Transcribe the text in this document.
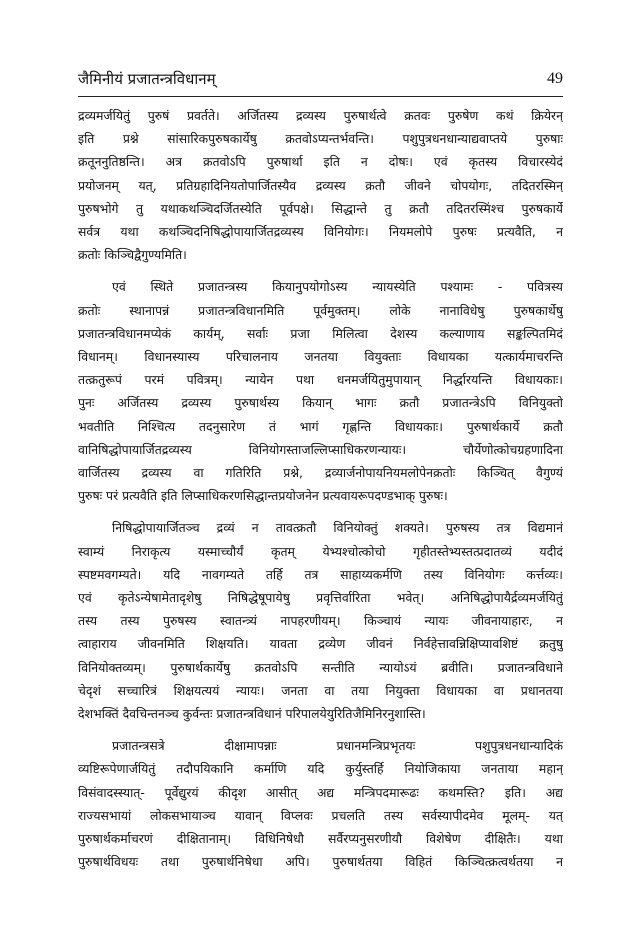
जैमिनीयं प्रजातन्त्रविधानम्	49

द्रव्यमर्जयितुं पुरुषं प्रवर्तते। अर्जितस्य द्रव्यस्य पुरुषार्थत्वे क्रतवः पुरुषेण कथं क्रियेरन्
इति प्रश्ने सांसारिकपुरुषकार्येषु क्रतवोऽप्यन्तर्भवन्ति। पशुपुत्रधनधान्याद्यवाप्तये पुरुषाः
क्रतूननुतिष्ठन्ति। अत्र क्रतवोऽपि पुरुषार्था इति न दोषः। एवं कृतस्य विचारस्येदं
प्रयोजनम् यत्, प्रतिग्रहादिनियतोपार्जितस्यैव द्रव्यस्य क्रतौ जीवने चोपयोगः, तदितरस्मिन्
पुरुषभोगे तु यथाकथञ्चिदर्जितस्येति पूर्वपक्षे। सिद्धान्ते तु क्रतौ तदितरस्मिंश्च पुरुषकार्ये
सर्वत्र यथा कथञ्चिदनिषिद्धोपायार्जितद्रव्यस्य विनियोगः। नियमलोपे पुरुषः प्रत्यवैति, न
क्रतोः किञ्चिद्वैगुण्यमिति।

एवं स्थिते प्रजातन्त्रस्य कियानुपयोगोऽस्य न्यायस्येति पश्यामः - पवित्रस्य
क्रतोः स्थानापन्नं प्रजातन्त्रविधानमिति पूर्वमुक्तम्। लोके नानाविधेषु पुरुषकार्थेषु
प्रजातन्त्रविधानमप्येकं कार्यम्, सर्वाः प्रजा मिलित्वा देशस्य कल्याणाय सङ्कल्पितमिदं
विधानम्। विधानस्यास्य परिचालनाय जनतया वियुक्ताः विधायका यत्कार्यमाचरन्ति
तत्क्रतुरूपं परमं पवित्रम्। न्यायेन पथा धनमर्जयितुमुपायान् निर्द्धारयन्ति विधायकाः।
पुनः अर्जितस्य द्रव्यस्य पुरुषार्थस्य कियान् भागः क्रतौ प्रजातन्त्रेऽपि विनियुक्तो
भवतीति निश्चित्य तदनुसारेण तं भागं गृह्णन्ति विधायकाः। पुरुषार्थकार्ये क्रतौ
वानिषिद्धोपायार्जितद्रव्यस्य विनियोगस्ताजल्लिप्साधिकरणन्यायः। चौर्येणोत्कोचग्रहणादिना
वार्जितस्य द्रव्यस्य वा गतिरिति प्रश्ने, द्रव्यार्जनोपायनियमलोपेनक्रतोः किञ्चित् वैगुण्यं
पुरुषः परं प्रत्यवैति इति लिप्साधिकरणसिद्धान्तप्रयोजनेन प्रत्यवायरूपदण्डभाक् पुरुषः।

निषिद्धोपायार्जितञ्च द्रव्यं न तावत्क्रतौ विनियोक्तुं शक्यते। पुरुषस्य तत्र विद्यमानं
स्वाम्यं निराकृत्य यस्माच्चौर्यं कृतम् येभ्यश्चोत्कोचो गृहीतस्तेभ्यस्तत्प्रदातव्यं यदीदं
स्पष्टमवगम्यते। यदि नावगम्यते तर्हि तत्र साहाय्यकर्मणि तस्य विनियोगः कर्त्तव्यः।
एवं कृतेऽन्येषामेतादृशेषु निषिद्धेषूपायेषु प्रवृत्तिर्वारिता भवेत्। अनिषिद्धोपायैर्द्रव्यमर्जयितुं
तस्य तस्य पुरुषस्य स्वातन्त्र्यं नापहरणीयम्। किञ्चायं न्यायः जीवनायाहारः, न
त्वाहाराय जीवनमिति शिक्षयति। यावता द्रव्येण जीवनं निर्वहेत्तावन्निक्षिप्यावशिष्टं क्रतुषु
विनियोक्तव्यम्। पुरुषार्थकार्येषु क्रतवोऽपि सन्तीति न्यायोऽयं ब्रवीति। प्रजातन्त्रविधाने
चेदृशं सच्चारित्रं शिक्षयत्ययं न्यायः। जनता वा तया नियुक्ता विधायका वा प्रधानतया
देशभक्तिं दैवचिन्तनञ्च कुर्वन्तः प्रजातन्त्रविधानं परिपालयेयुरितिजैमिनिरनुशास्ति।

प्रजातन्त्रसत्रे दीक्षामापन्नाः प्रधानमन्त्रिप्रभृतयः पशुपुत्रधनधान्यादिकं
व्यष्टिरूपेणार्जयितुं तदौपयिकानि कर्माणि यदि कुर्युस्तर्हि नियोजिकाया जनताया महान्
विसंवादस्स्यात्- पूर्वेद्युरयं कीदृश आसीत् अद्य मन्त्रिपदमारूढः कथमस्ति? इति। अद्य
राज्यसभायां लोकसभायाञ्च यावान् विप्लवः प्रचलति तस्य सर्वस्यापीदमेव मूलम्- यत्
पुरुषार्थकर्माचरणं दीक्षितानाम्। विधिनिषेधौ सर्वैरप्यनुसरणीयौ विशेषेण दीक्षितैः। यथा
पुरुषार्थविधयः तथा पुरुषार्थनिषेधा अपि। पुरुषार्थतया विहितं किञ्चित्क्रत्वर्थतया न
